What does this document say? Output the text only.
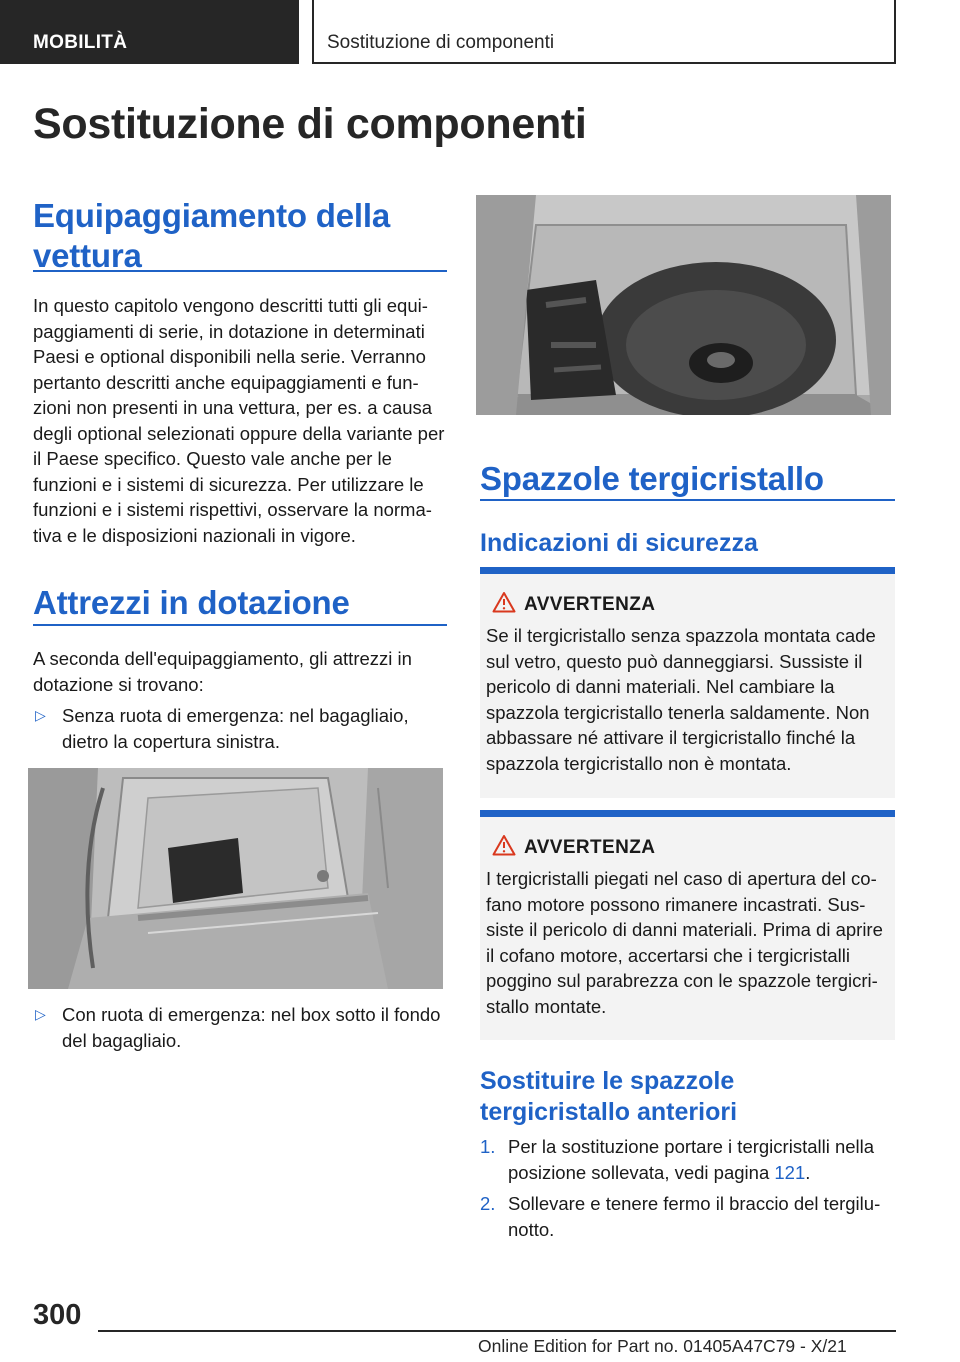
MOBILITÀ	Sostituzione di componenti
Sostituzione di componenti
Equipaggiamento della vettura
In questo capitolo vengono descritti tutti gli equi- paggiamenti di serie, in dotazione in determinati Paesi e optional disponibili nella serie. Verranno pertanto descritti anche equipaggiamenti e fun- zioni non presenti in una vettura, per es. a causa degli optional selezionati oppure della variante per il Paese specifico. Questo vale anche per le funzioni e i sistemi di sicurezza. Per utilizzare le funzioni e i sistemi rispettivi, osservare la norma- tiva e le disposizioni nazionali in vigore.
Attrezzi in dotazione
A seconda dell'equipaggiamento, gli attrezzi in dotazione si trovano:
▷ Senza ruota di emergenza: nel bagagliaio, dietro la copertura sinistra.
▷ Con ruota di emergenza: nel box sotto il fondo del bagagliaio.
Spazzole tergicristallo
Indicazioni di sicurezza
AVVERTENZA
Se il tergicristallo senza spazzola montata cade sul vetro, questo può danneggiarsi. Sussiste il pericolo di danni materiali. Nel cambiare la spazzola tergicristallo tenerla saldamente. Non abbassare né attivare il tergicristallo finché la spazzola tergicristallo non è montata.
AVVERTENZA
I tergicristalli piegati nel caso di apertura del co- fano motore possono rimanere incastrati. Sus- siste il pericolo di danni materiali. Prima di aprire il cofano motore, accertarsi che i tergicristalli poggino sul parabrezza con le spazzole tergicri- stallo montate.
Sostituire le spazzole tergicristallo anteriori
1. Per la sostituzione portare i tergicristalli nella posizione sollevata, vedi pagina 121.
2. Sollevare e tenere fermo il braccio del tergilu- notto.
300
Online Edition for Part no. 01405A47C79 - X/21
